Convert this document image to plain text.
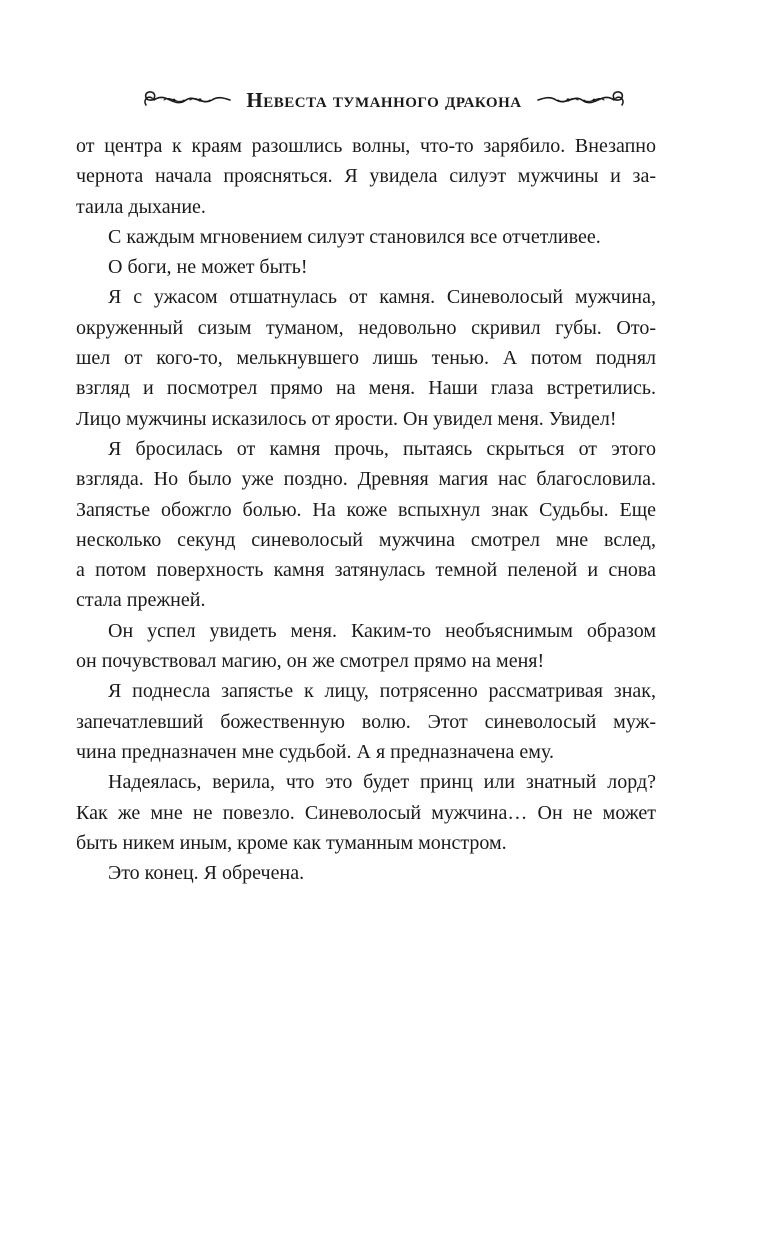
Невеста туманного дракона
от центра к краям разошлись волны, что-то зарябило. Внезапно
чернота начала проясняться. Я увидела силуэт мужчины и за-
таила дыхание.
С каждым мгновением силуэт становился все отчетливее.
О боги, не может быть!
Я с ужасом отшатнулась от камня. Синеволосый мужчина,
окруженный сизым туманом, недовольно скривил губы. Ото-
шел от кого-то, мелькнувшего лишь тенью. А потом поднял
взгляд и посмотрел прямо на меня. Наши глаза встретились.
Лицо мужчины исказилось от ярости. Он увидел меня. Увидел!
Я бросилась от камня прочь, пытаясь скрыться от этого
взгляда. Но было уже поздно. Древняя магия нас благословила.
Запястье обожгло болью. На коже вспыхнул знак Судьбы. Еще
несколько секунд синеволосый мужчина смотрел мне вслед,
а потом поверхность камня затянулась темной пеленой и снова
стала прежней.
Он успел увидеть меня. Каким-то необъяснимым образом
он почувствовал магию, он же смотрел прямо на меня!
Я поднесла запястье к лицу, потрясенно рассматривая знак,
запечатлевший божественную волю. Этот синеволосый муж-
чина предназначен мне судьбой. А я предназначена ему.
Надеялась, верила, что это будет принц или знатный лорд?
Как же мне не повезло. Синеволосый мужчина… Он не может
быть никем иным, кроме как туманным монстром.
Это конец. Я обречена.
